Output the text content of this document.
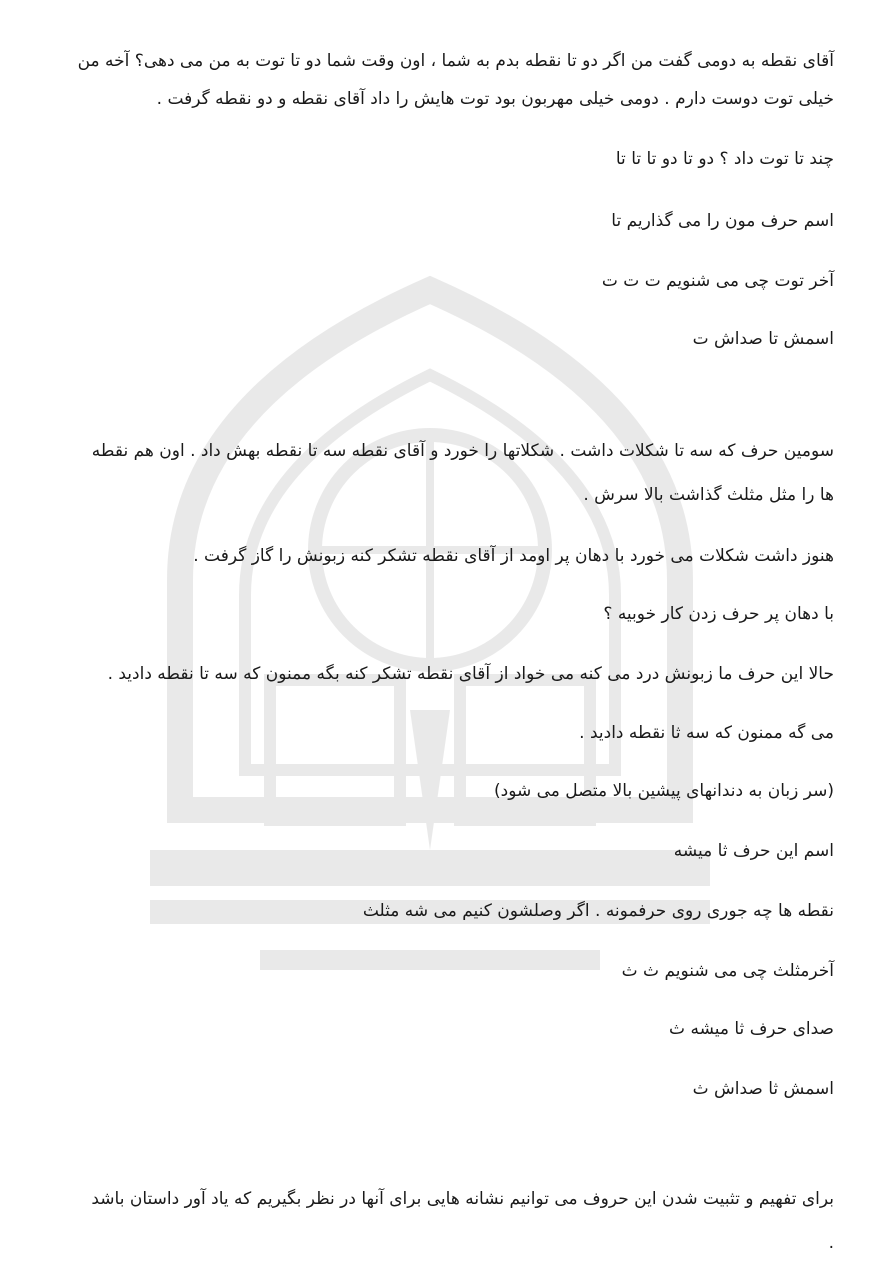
آقای نقطه به دومی گفت من اگر دو تا نقطه بدم به شما ، اون وقت شما دو تا توت به من می دهی؟ آخه من
خیلی توت دوست دارم . دومی خیلی مهربون بود توت هایش را داد آقای نقطه و دو نقطه گرفت .
چند تا توت داد ؟ دو تا دو تا تا تا
اسم حرف مون را می گذاریم تا
آخر توت چی می شنویم ت ت ت
اسمش تا صداش ت
سومین حرف که سه تا شکلات داشت . شکلاتها را خورد و آقای نقطه سه تا نقطه بهش داد . اون هم نقطه
ها را مثل مثلث گذاشت بالا سرش .
هنوز داشت شکلات می خورد با دهان پر اومد از آقای نقطه تشکر کنه زبونش را گاز گرفت .
با دهان پر حرف زدن کار خوبیه ؟
حالا این حرف ما زبونش درد می کنه می خواد از آقای نقطه تشکر کنه بگه ممنون که سه تا نقطه دادید .
می گه ممنون که سه ثا نقطه دادید .
(سر زبان به دندانهای پیشین بالا متصل می شود)
اسم این حرف ثا میشه
نقطه ها چه جوری روی حرفمونه . اگر وصلشون کنیم می شه مثلث
آخرمثلث چی می شنویم ث ث
صدای حرف ثا میشه ث
اسمش ثا صداش ث
برای تفهیم و تثبیت شدن این حروف می توانیم نشانه هایی برای آنها در نظر بگیریم که یاد آور داستان باشد
.
